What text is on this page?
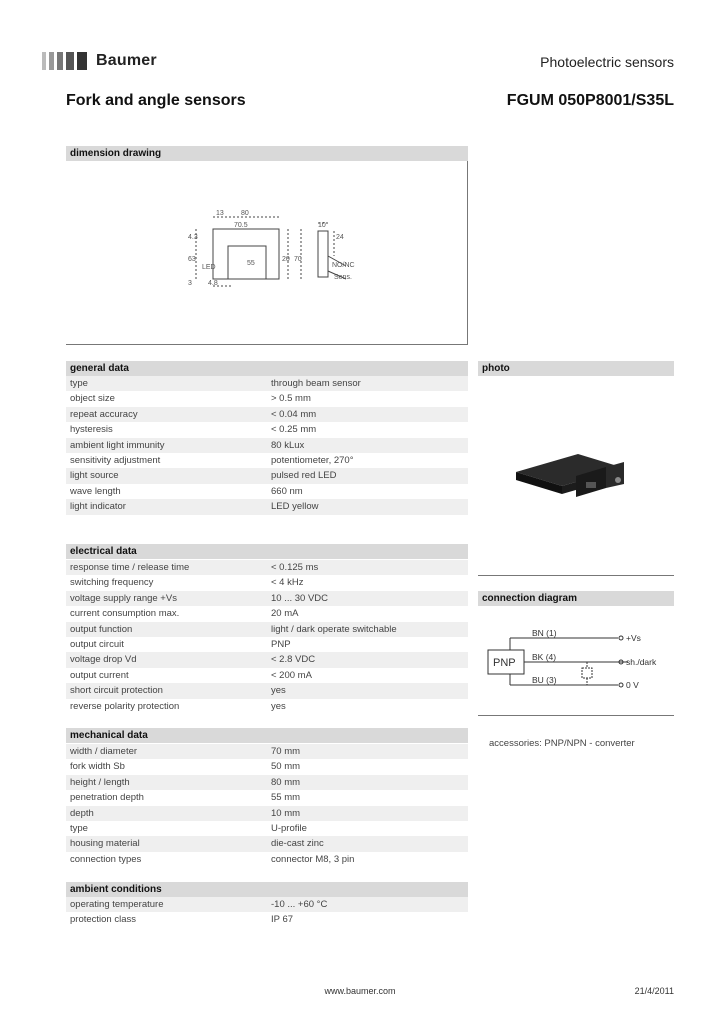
Baumer	Photoelectric sensors
Fork and angle sensors	FGUM 050P8001/S35L
dimension drawing
13 80
70.5
4.3
63
3
LED
55
20 70
4.8
10
24
NO/NC
Sens.
general data
type	through beam sensor
object size	> 0.5 mm
repeat accuracy	< 0.04 mm
hysteresis	< 0.25 mm
ambient light immunity	80 kLux
sensitivity adjustment	potentiometer, 270°
light source	pulsed red LED
wave length	660 nm
light indicator	LED yellow
electrical data
response time / release time	< 0.125 ms
switching frequency	< 4 kHz
voltage supply range +Vs	10 ... 30 VDC
current consumption max.	20 mA
output function	light / dark operate switchable
output circuit	PNP
voltage drop Vd	< 2.8 VDC
output current	< 200 mA
short circuit protection	yes
reverse polarity protection	yes
mechanical data
width / diameter	70 mm
fork width Sb	50 mm
height / length	80 mm
penetration depth	55 mm
depth	10 mm
type	U-profile
housing material	die-cast zinc
connection types	connector M8, 3 pin
ambient conditions
operating temperature	-10 ... +60 °C
protection class	IP 67
photo
connection diagram
PNP
BN (1)
BK (4)
BU (3)
+Vs
sh./dark
0 V
accessories: PNP/NPN - converter
www.baumer.com	21/4/2011
